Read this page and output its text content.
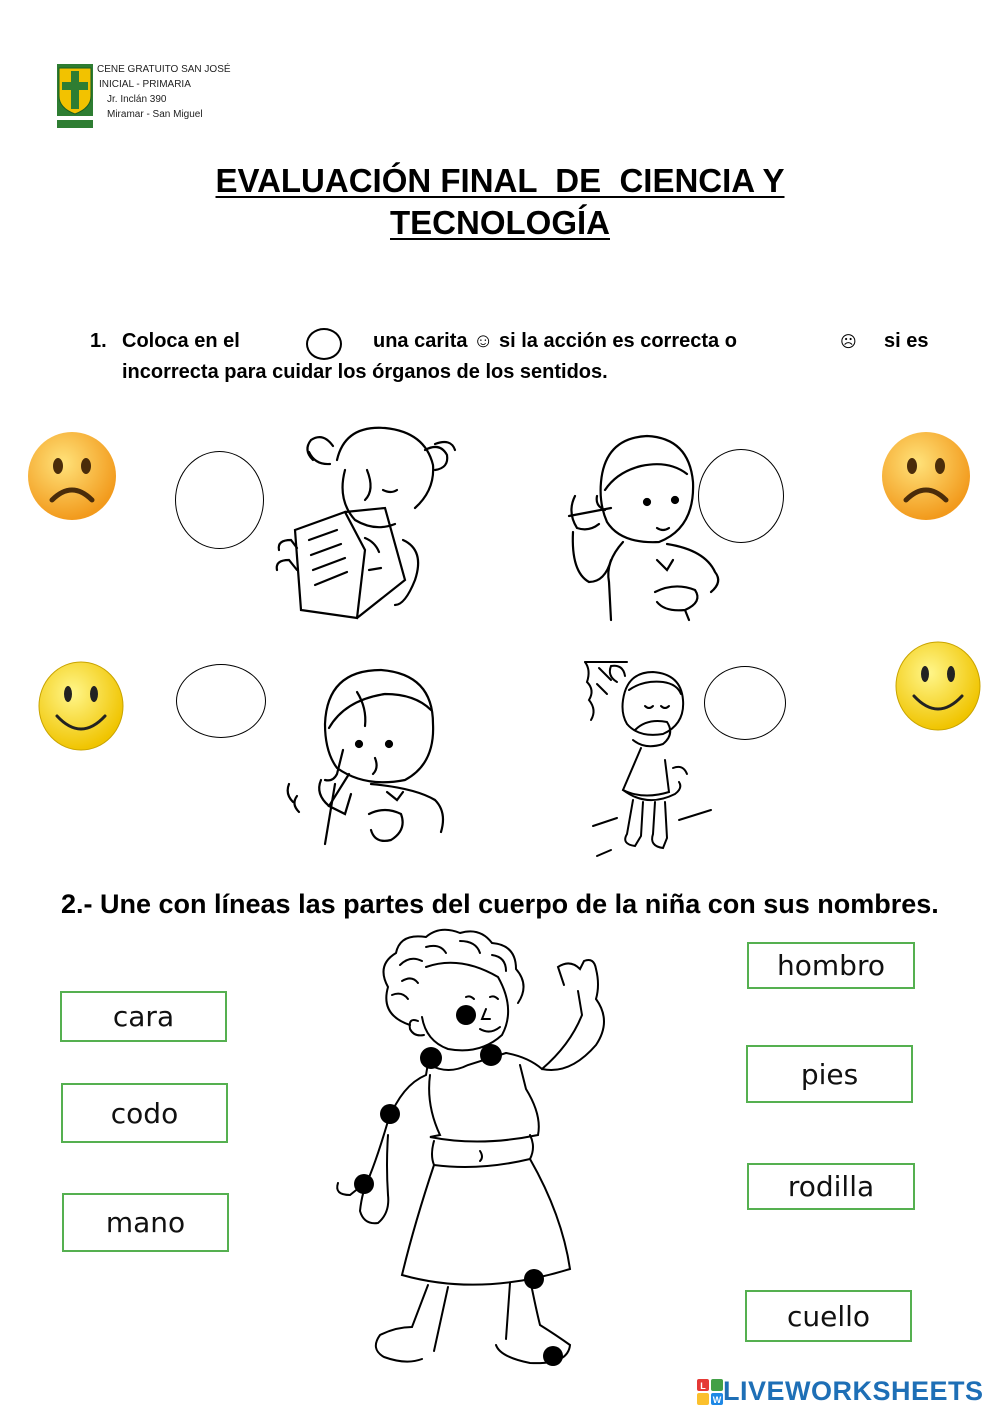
CENE GRATUITO SAN JOSÉ
INICIAL - PRIMARIA
Jr. Inclán 390
Miramar - San Miguel
EVALUACIÓN FINAL  DE  CIENCIA Y
TECNOLOGÍA
1. Coloca en el	una carita ☺ si la acción es correcta o	☹ si es
incorrecta para cuidar los órganos de los sentidos.
2.- Une con líneas las partes del cuerpo de la niña con sus nombres.
cara
codo
mano
hombro
pies
rodilla
cuello
L
W LIVEWORKSHEETS
